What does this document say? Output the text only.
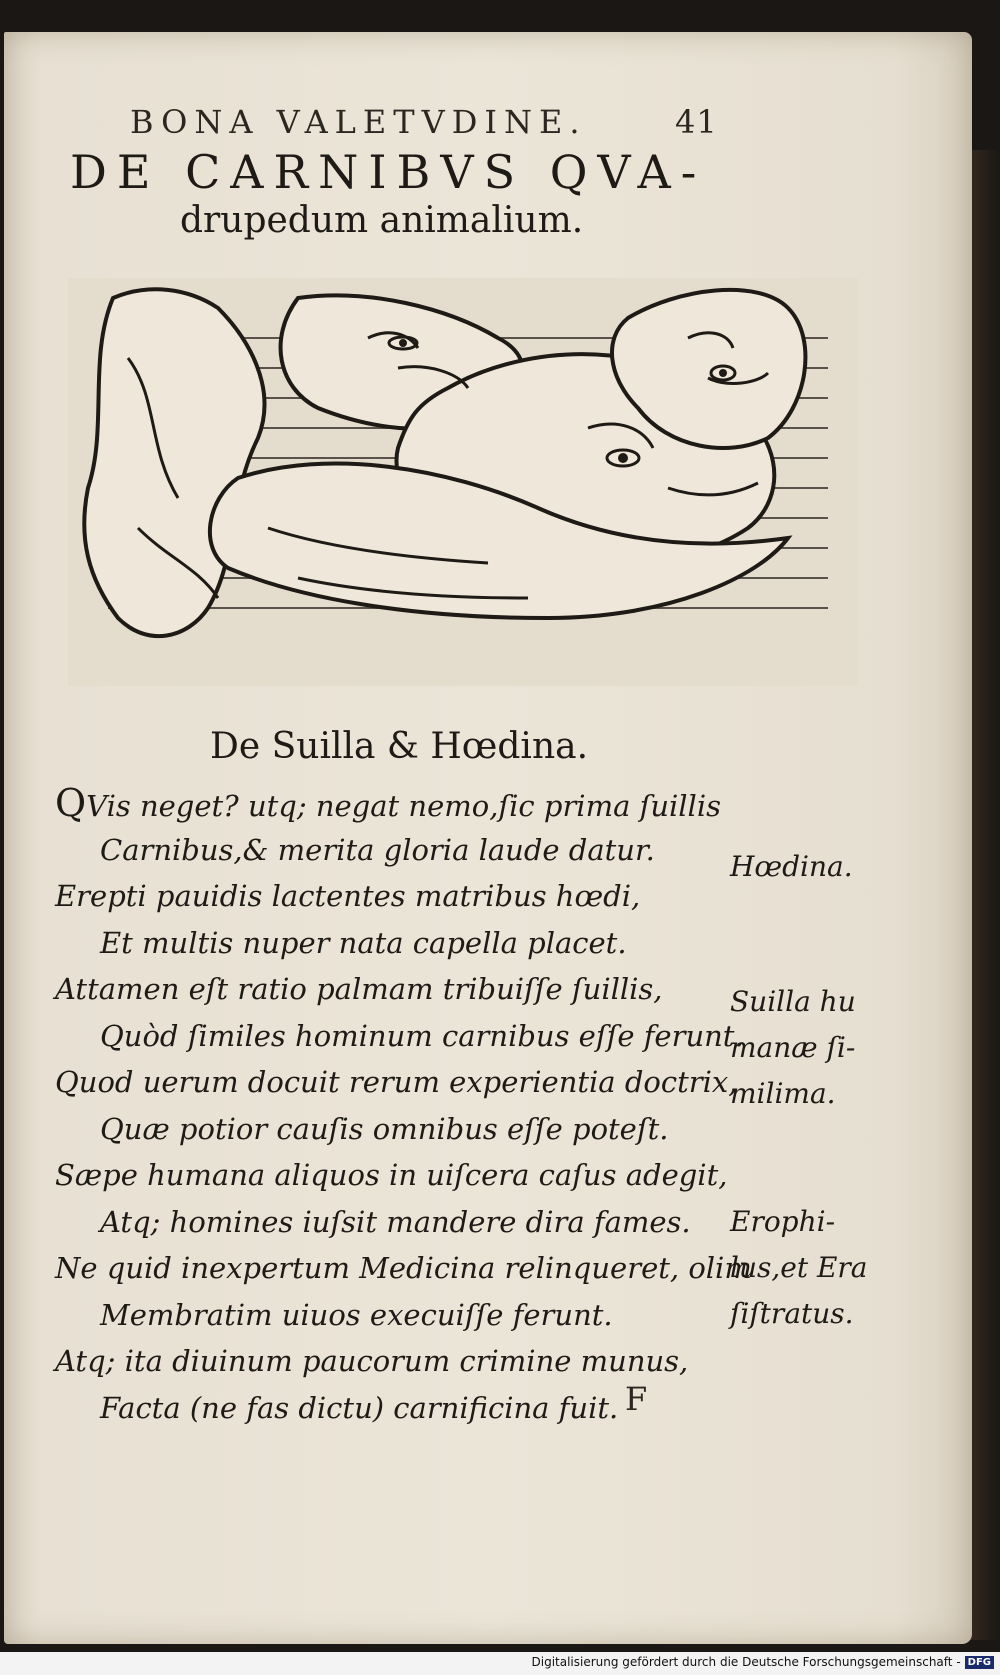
BONA VALETVDINE.	41
DE CARNIBVS QVA-
drupedum animalium.
De Suilla & Hœdina.
QVis neget? utq; negat nemo,ſic prima ſuillis
Carnibus,& merita gloria laude datur.
Erepti pauidis lactentes matribus hœdi,
Et multis nuper nata capella placet.
Attamen eſt ratio palmam tribuiſſe ſuillis,
Quòd ſimiles hominum carnibus eſſe ferunt.
Quod uerum docuit rerum experientia doctrix,
Quæ potior cauſis omnibus eſſe poteſt.
Sæpe humana aliquos in uiſcera caſus adegit,
Atq; homines iuſsit mandere dira fames.
Ne quid inexpertum Medicina relinqueret, olim
Membratim uiuos execuiſſe ferunt.
Atq; ita diuinum paucorum crimine munus,
Facta (ne fas dictu) carnificina fuit.
Hœdina.
Suilla hu
manæ ſi-
milima.
Erophi-
lus,et Era
ſiſtratus.
F
Digitalisierung gefördert durch die Deutsche Forschungsgemeinschaft - DFG
